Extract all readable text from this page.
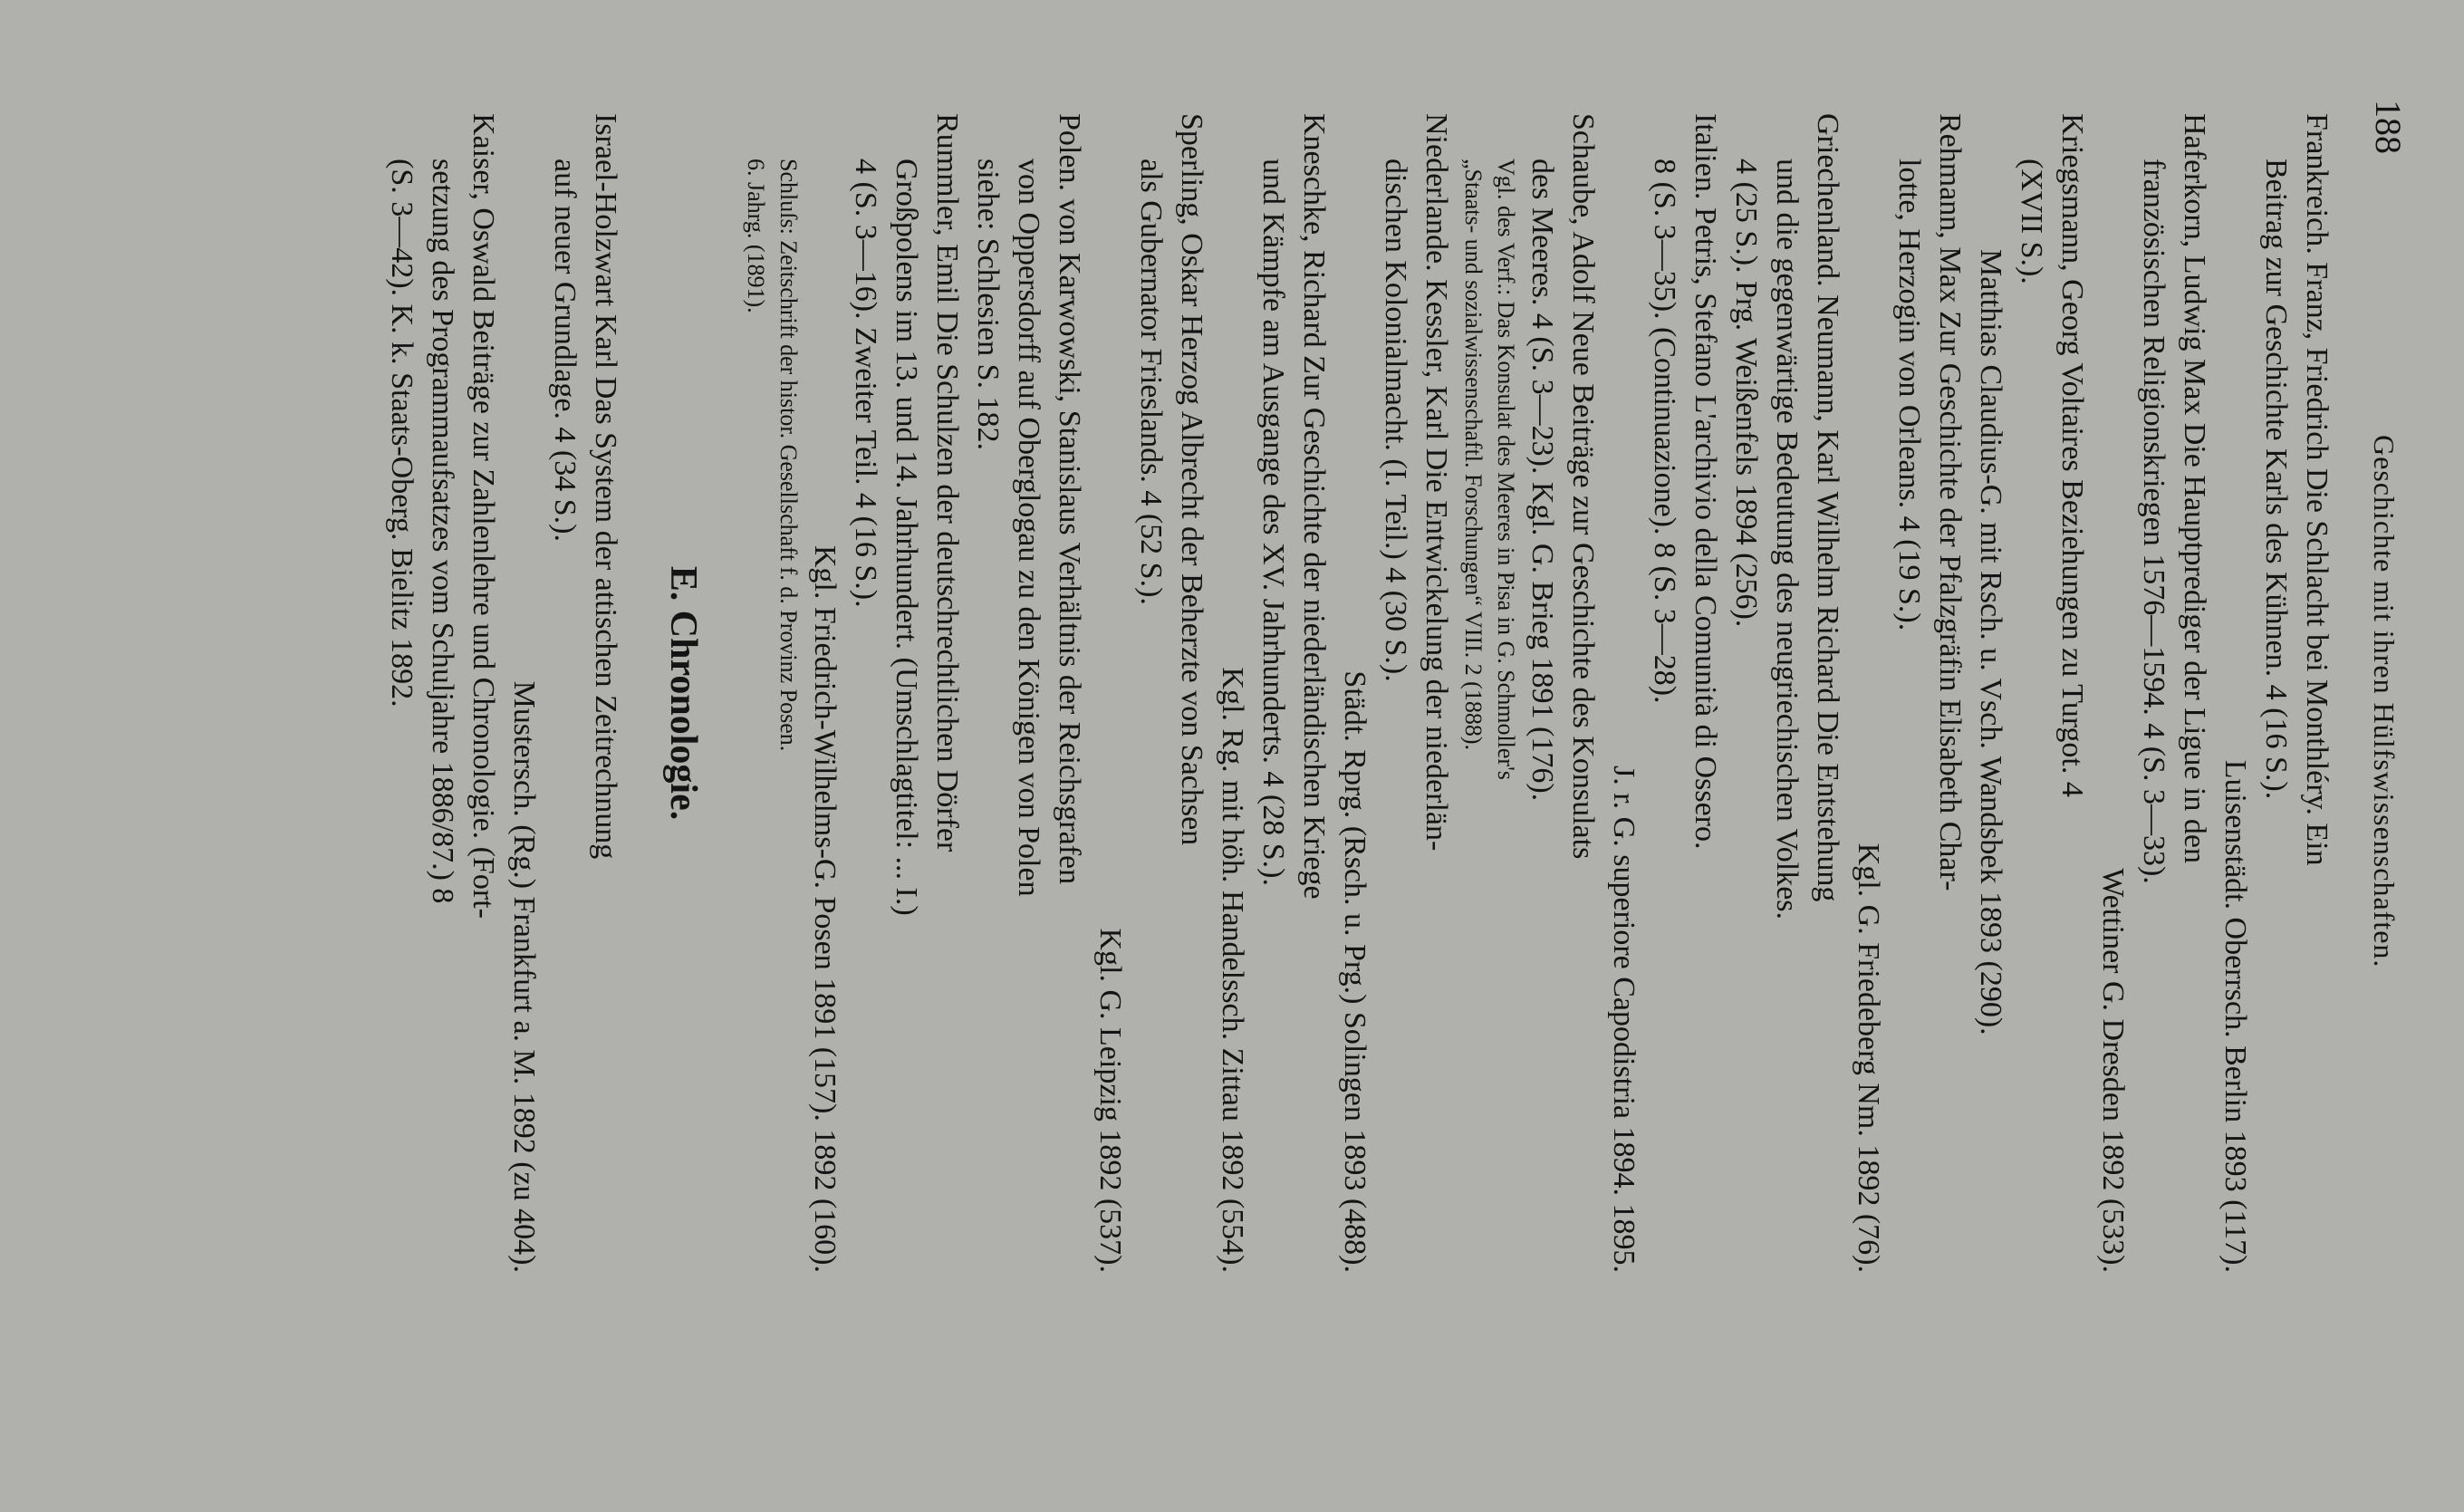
188
Geschichte mit ihren Hülfswissenschaften.
Frankreich. Franz, Friedrich Die Schlacht bei Monthléry. Ein
Beitrag zur Geschichte Karls des Kühnen. 4 (16 S.).
Luisenstädt. Oberrsch. Berlin 1893 (117).
Haferkorn, Ludwig Max Die Hauptprediger der Ligue in den
französischen Religionskriegen 1576—1594. 4 (S. 3—33).
Wettiner G. Dresden 1892 (533).
Kriegsmann, Georg Voltaires Beziehungen zu Turgot. 4
(XVII S.).
Matthias Claudius-G. mit Rsch. u. Vsch. Wandsbek 1893 (290).
Rehmann, Max Zur Geschichte der Pfalzgräfin Elisabeth Char-
lotte, Herzogin von Orleans. 4 (19 S.).
Kgl. G. Friedeberg Nm. 1892 (76).
Griechenland. Neumann, Karl Wilhelm Richard Die Entstehung
und die gegenwärtige Bedeutung des neugriechischen Volkes.
4 (25 S.). Prg. Weißenfels 1894 (256).
Italien. Petris, Stefano L'archivio della Comunità di Ossero.
8 (S. 3—35). (Continuazione). 8 (S. 3—28).
J. r. G. superiore Capodistria 1894. 1895.
Schaube, Adolf Neue Beiträge zur Geschichte des Konsulats
des Meeres. 4 (S. 3—23). Kgl. G. Brieg 1891 (176).
Vgl. des Verf.: Das Konsulat des Meeres in Pisa in G. Schmoller's
„Staats- und sozialwissenschaftl. Forschungen“ VIII. 2 (1888).
Niederlande. Kessler, Karl Die Entwickelung der niederlän-
dischen Kolonialmacht. (I. Teil.) 4 (30 S.).
Städt. Rprg. (Rsch. u. Prg.) Solingen 1893 (488).
Kneschke, Richard Zur Geschichte der niederländischen Kriege
und Kämpfe am Ausgange des XV. Jahrhunderts. 4 (28 S.).
Kgl. Rg. mit höh. Handelssch. Zittau 1892 (554).
Sperling, Oskar Herzog Albrecht der Beherzte von Sachsen
als Gubernator Frieslands. 4 (52 S.).
Kgl. G. Leipzig 1892 (537).
Polen. von Karwowski, Stanislaus Verhältnis der Reichsgrafen
von Oppersdorff auf Oberglogau zu den Königen von Polen
siehe: Schlesien S. 182.
Rummler, Emil Die Schulzen der deutschrechtlichen Dörfer
Großpolens im 13. und 14. Jahrhundert. (Umschlagtitel: ... I.)
4 (S. 3—16). Zweiter Teil. 4 (16 S.).
Kgl. Friedrich-Wilhelms-G. Posen 1891 (157). 1892 (160).
Schluſs: Zeitschrift der histor. Gesellschaft f. d. Provinz Posen.
6. Jahrg. (1891).
E. Chronologie.
Israel-Holzwart Karl Das System der attischen Zeitrechnung
auf neuer Grundlage. 4 (34 S.).
Mustersch. (Rg.) Frankfurt a. M. 1892 (zu 404).
Kaiser, Oswald Beiträge zur Zahlenlehre und Chronologie. (Fort-
setzung des Programmaufsatzes vom Schuljahre 1886/87.) 8
(S. 3—42). K. k. Staats-Oberg. Bielitz 1892.
